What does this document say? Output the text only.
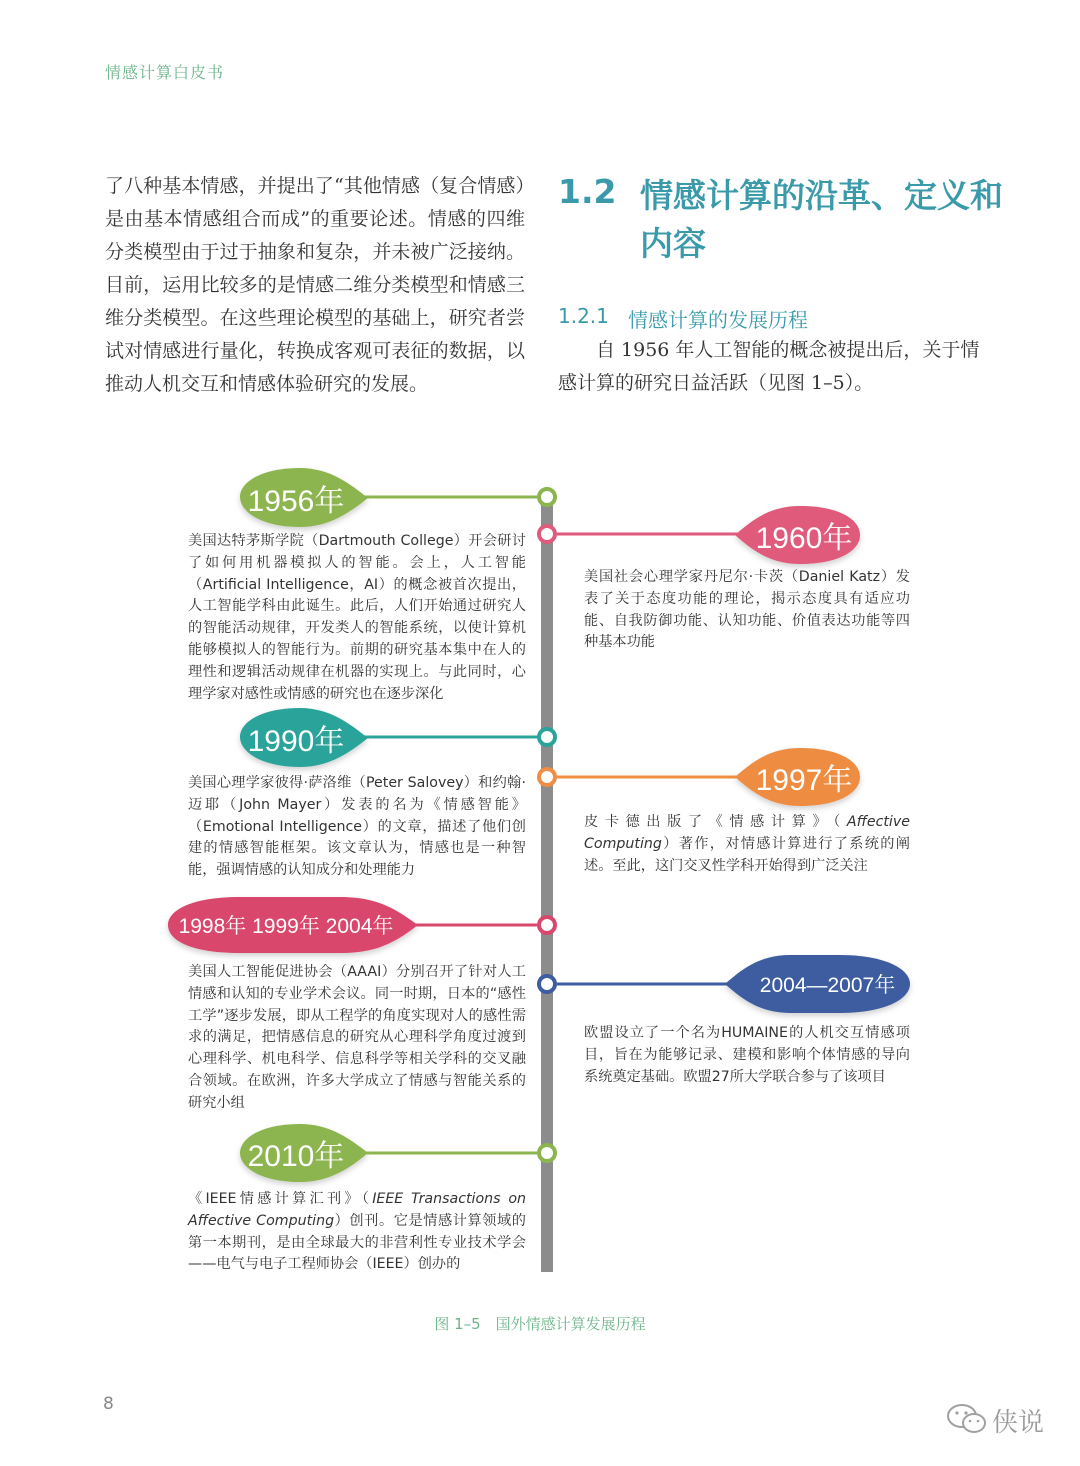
情感计算白皮书
了八种基本情感，并提出了“其他情感（复合情感）是由基本情感组合而成”的重要论述。情感的四维分类模型由于过于抽象和复杂，并未被广泛接纳。目前，运用比较多的是情感二维分类模型和情感三维分类模型。在这些理论模型的基础上，研究者尝试对情感进行量化，转换成客观可表征的数据，以推动人机交互和情感体验研究的发展。
1.2 情感计算的沿革、定义和内容
1.2.1 情感计算的发展历程
自 1956 年人工智能的概念被提出后，关于情感计算的研究日益活跃（见图 1–5）。
1956年
1960年
1990年
1997年
1998年 1999年 2004年
2004—2007年
2010年
美国达特茅斯学院（Dartmouth College）开会研讨了如何用机器模拟人的智能。会上，人工智能（Artificial Intelligence，AI）的概念被首次提出，人工智能学科由此诞生。此后，人们开始通过研究人的智能活动规律，开发类人的智能系统，以使计算机能够模拟人的智能行为。前期的研究基本集中在人的理性和逻辑活动规律在机器的实现上。与此同时，心理学家对感性或情感的研究也在逐步深化
美国社会心理学家丹尼尔·卡茨（Daniel Katz）发表了关于态度功能的理论，揭示态度具有适应功能、自我防御功能、认知功能、价值表达功能等四种基本功能
美国心理学家彼得·萨洛维（Peter Salovey）和约翰·迈耶（John Mayer）发表的名为《情感智能》（Emotional Intelligence）的文章，描述了他们创建的情感智能框架。该文章认为，情感也是一种智能，强调情感的认知成分和处理能力
皮卡德出版了《情感计算》（Affective Computing）著作，对情感计算进行了系统的阐述。至此，这门交叉性学科开始得到广泛关注
美国人工智能促进协会（AAAI）分别召开了针对人工情感和认知的专业学术会议。同一时期，日本的“感性工学”逐步发展，即从工程学的角度实现对人的感性需求的满足，把情感信息的研究从心理科学角度过渡到心理科学、机电科学、信息科学等相关学科的交叉融合领域。在欧洲，许多大学成立了情感与智能关系的研究小组
欧盟设立了一个名为HUMAINE的人机交互情感项目，旨在为能够记录、建模和影响个体情感的导向系统奠定基础。欧盟27所大学联合参与了该项目
《IEEE情感计算汇刊》（IEEE Transactions on Affective Computing）创刊。它是情感计算领域的第一本期刊，是由全球最大的非营利性专业技术学会——电气与电子工程师协会（IEEE）创办的
图 1–5　国外情感计算发展历程
8
侠说
